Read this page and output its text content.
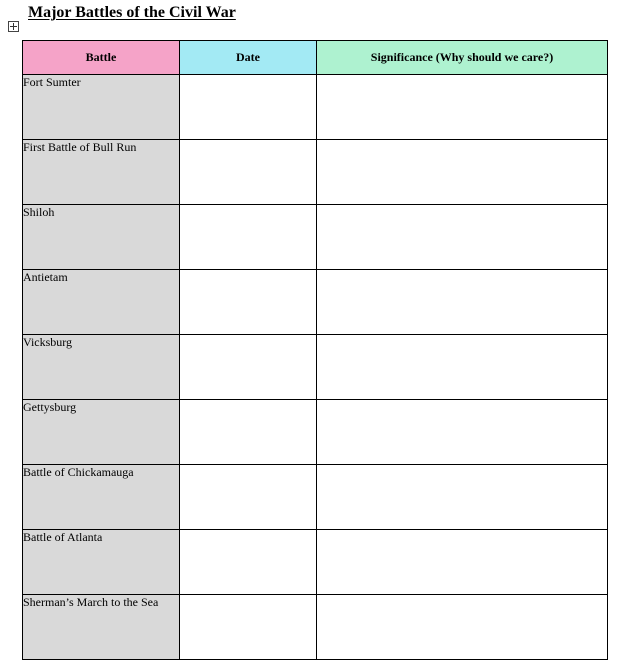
Major Battles of the Civil War
Battle	Date	Significance (Why should we care?)
Fort Sumter		
First Battle of Bull Run		
Shiloh		
Antietam		
Vicksburg		
Gettysburg		
Battle of Chickamauga		
Battle of Atlanta		
Sherman’s March to the Sea		
